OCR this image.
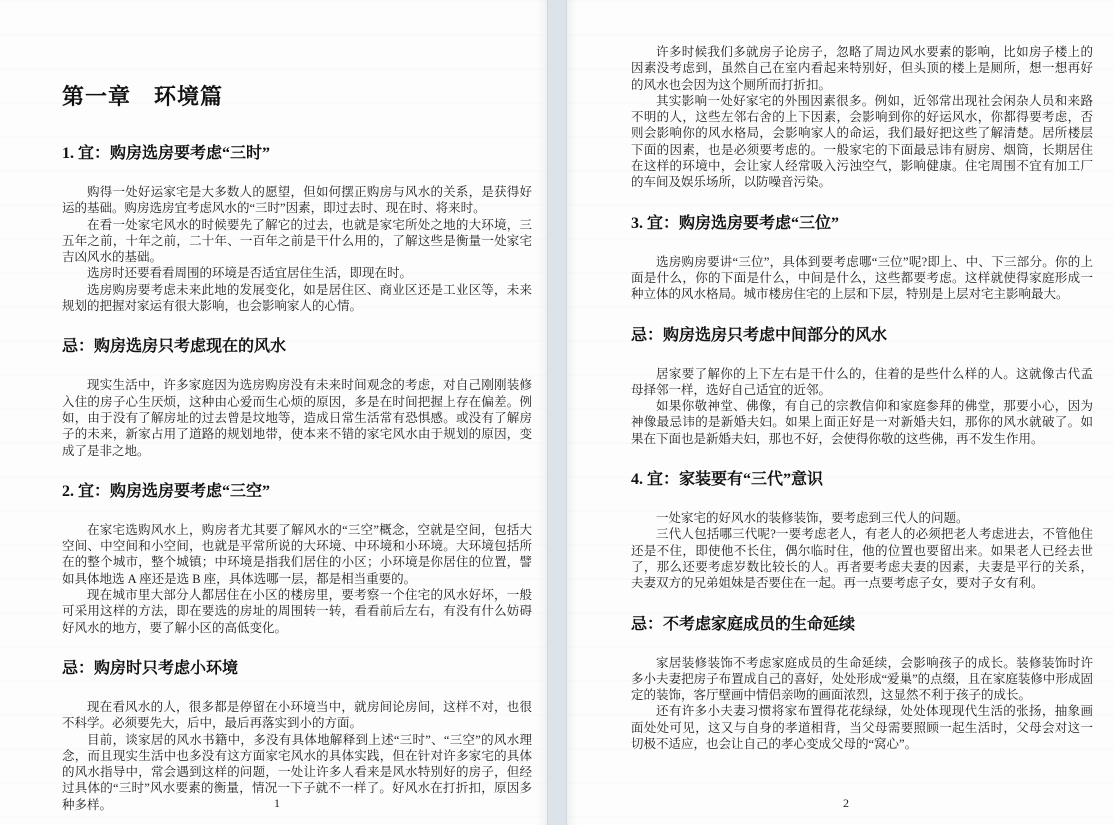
第一章　环境篇
1. 宜：购房选房要考虑“三时”

购得一处好运家宅是大多数人的愿望，但如何摆正购房与风水的关系，是获得好运的基础。购房选房宜考虑风水的“三时”因素，即过去时、现在时、将来时。

在看一处家宅风水的时候要先了解它的过去，也就是家宅所处之地的大环境，三五年之前，十年之前，二十年、一百年之前是干什么用的，了解这些是衡量一处家宅吉凶风水的基础。

选房时还要看看周围的环境是否适宜居住生活，即现在时。

选房购房要考虑未来此地的发展变化，如是居住区、商业区还是工业区等，未来规划的把握对家运有很大影响，也会影响家人的心情。

忌：购房选房只考虑现在的风水

现实生活中，许多家庭因为选房购房没有未来时间观念的考虑，对自己刚刚装修入住的房子心生厌烦，这种由心爱而生心烦的原因，多是在时间把握上存在偏差。例如，由于没有了解房址的过去曾是坟地等，造成日常生活常有恐惧感。或没有了解房子的未来，新家占用了道路的规划地带，使本来不错的家宅风水由于规划的原因，变成了是非之地。

2. 宜：购房选房要考虑“三空”

在家宅选购风水上，购房者尤其要了解风水的“三空”概念，空就是空间，包括大空间、中空间和小空间，也就是平常所说的大环境、中环境和小环境。大环境包括所在的整个城市，整个城镇；中环境是指我们居住的小区；小环境是你居住的位置，譬如具体地选 A 座还是选 B 座，具体选哪一层，都是相当重要的。

现在城市里大部分人都居住在小区的楼房里，要考察一个住宅的风水好坏，一般可采用这样的方法，即在要选的房址的周围转一转，看看前后左右，有没有什么妨碍好风水的地方，要了解小区的高低变化。

忌：购房时只考虑小环境

现在看风水的人，很多都是停留在小环境当中，就房间论房间，这样不对，也很不科学。必须要先大，后中，最后再落实到小的方面。

目前，谈家居的风水书籍中，多没有具体地解释到上述“三时”、“三空”的风水理念，而且现实生活中也多没有这方面家宅风水的具体实践，但在针对许多家宅的具体的风水指导中，常会遇到这样的问题，一处让许多人看来是风水特别好的房子，但经过具体的“三时”风水要素的衡量，情况一下子就不一样了。好风水在打折扣，原因多种多样。	1

许多时候我们多就房子论房子，忽略了周边风水要素的影响，比如房子楼上的因素没考虑到，虽然自己在室内看起来特别好，但头顶的楼上是厕所，想一想再好的风水也会因为这个厕所而打折扣。

其实影响一处好家宅的外围因素很多。例如，近邻常出现社会闲杂人员和来路不明的人，这些左邻右舍的上下因素，会影响到你的好运风水，你都得要考虑，否则会影响你的风水格局，会影响家人的命运，我们最好把这些了解清楚。居所楼层下面的因素，也是必须要考虑的。一般家宅的下面最忌讳有厨房、烟筒，长期居住在这样的环境中，会让家人经常吸入污浊空气，影响健康。住宅周围不宜有加工厂的车间及娱乐场所，以防噪音污染。

3. 宜：购房选房要考虑“三位”

选房购房要讲“三位”，具体到要考虑哪“三位”呢?即上、中、下三部分。你的上面是什么，你的下面是什么，中间是什么，这些都要考虑。这样就使得家庭形成一种立体的风水格局。城市楼房住宅的上层和下层，特别是上层对宅主影响最大。

忌：购房选房只考虑中间部分的风水

居家要了解你的上下左右是干什么的，住着的是些什么样的人。这就像古代孟母择邻一样，选好自己适宜的近邻。

如果你敬神堂、佛像，有自己的宗教信仰和家庭参拜的佛堂，那要小心，因为神像最忌讳的是新婚夫妇。如果上面正好是一对新婚夫妇，那你的风水就破了。如果在下面也是新婚夫妇，那也不好，会使得你敬的这些佛，再不发生作用。

4. 宜：家装要有“三代”意识

一处家宅的好风水的装修装饰，要考虑到三代人的问题。

三代人包括哪三代呢?一要考虑老人，有老人的必须把老人考虑进去，不管他住还是不住，即使他不长住，偶尔临时住，他的位置也要留出来。如果老人已经去世了，那么还要考虑岁数比较长的人。再者要考虑夫妻的因素，夫妻是平行的关系，夫妻双方的兄弟姐妹是否要住在一起。再一点要考虑子女，要对子女有利。

忌：不考虑家庭成员的生命延续

家居装修装饰不考虑家庭成员的生命延续，会影响孩子的成长。装修装饰时许多小夫妻把房子布置成自己的喜好，处处形成“爱巢”的点缀，且在家庭装修中形成固定的装饰，客厅壁画中情侣亲吻的画面浓烈，这显然不利于孩子的成长。

还有许多小夫妻习惯将家布置得花花绿绿，处处体现现代生活的张扬，抽象画面处处可见，这又与自身的孝道相背，当父母需要照顾一起生活时，父母会对这一切极不适应，也会让自己的孝心变成父母的“窝心”。

2
